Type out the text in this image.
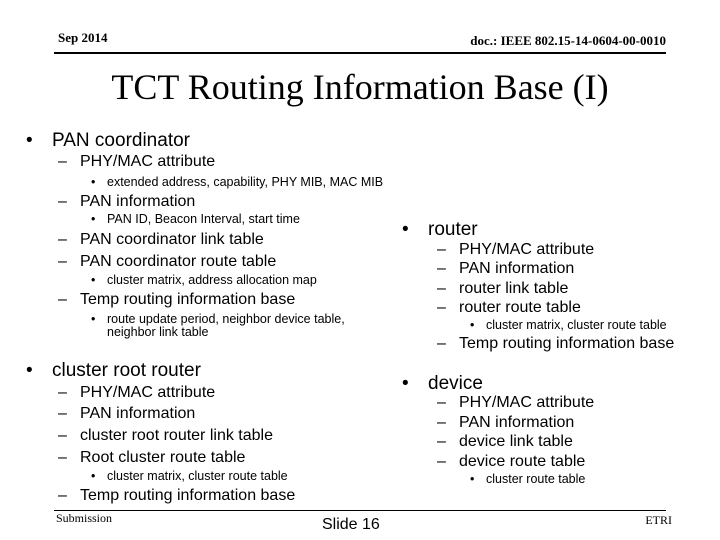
Sep 2014	doc.: IEEE 802.15-14-0604-00-0010
TCT Routing Information Base (I)
• PAN coordinator
– PHY/MAC attribute
• extended address, capability, PHY MIB, MAC MIB
– PAN information
• PAN ID, Beacon Interval, start time
– PAN coordinator link table
– PAN coordinator route table
• cluster matrix, address allocation map
– Temp routing information base
• route update period, neighbor device table,
neighbor link table
• cluster root router
– PHY/MAC attribute
– PAN information
– cluster root router link table
– Root cluster route table
• cluster matrix, cluster route table
– Temp routing information base
• router
– PHY/MAC attribute
– PAN information
– router link table
– router route table
• cluster matrix, cluster route table
– Temp routing information base
• device
– PHY/MAC attribute
– PAN information
– device link table
– device route table
• cluster route table
Submission	Slide 16	ETRI
